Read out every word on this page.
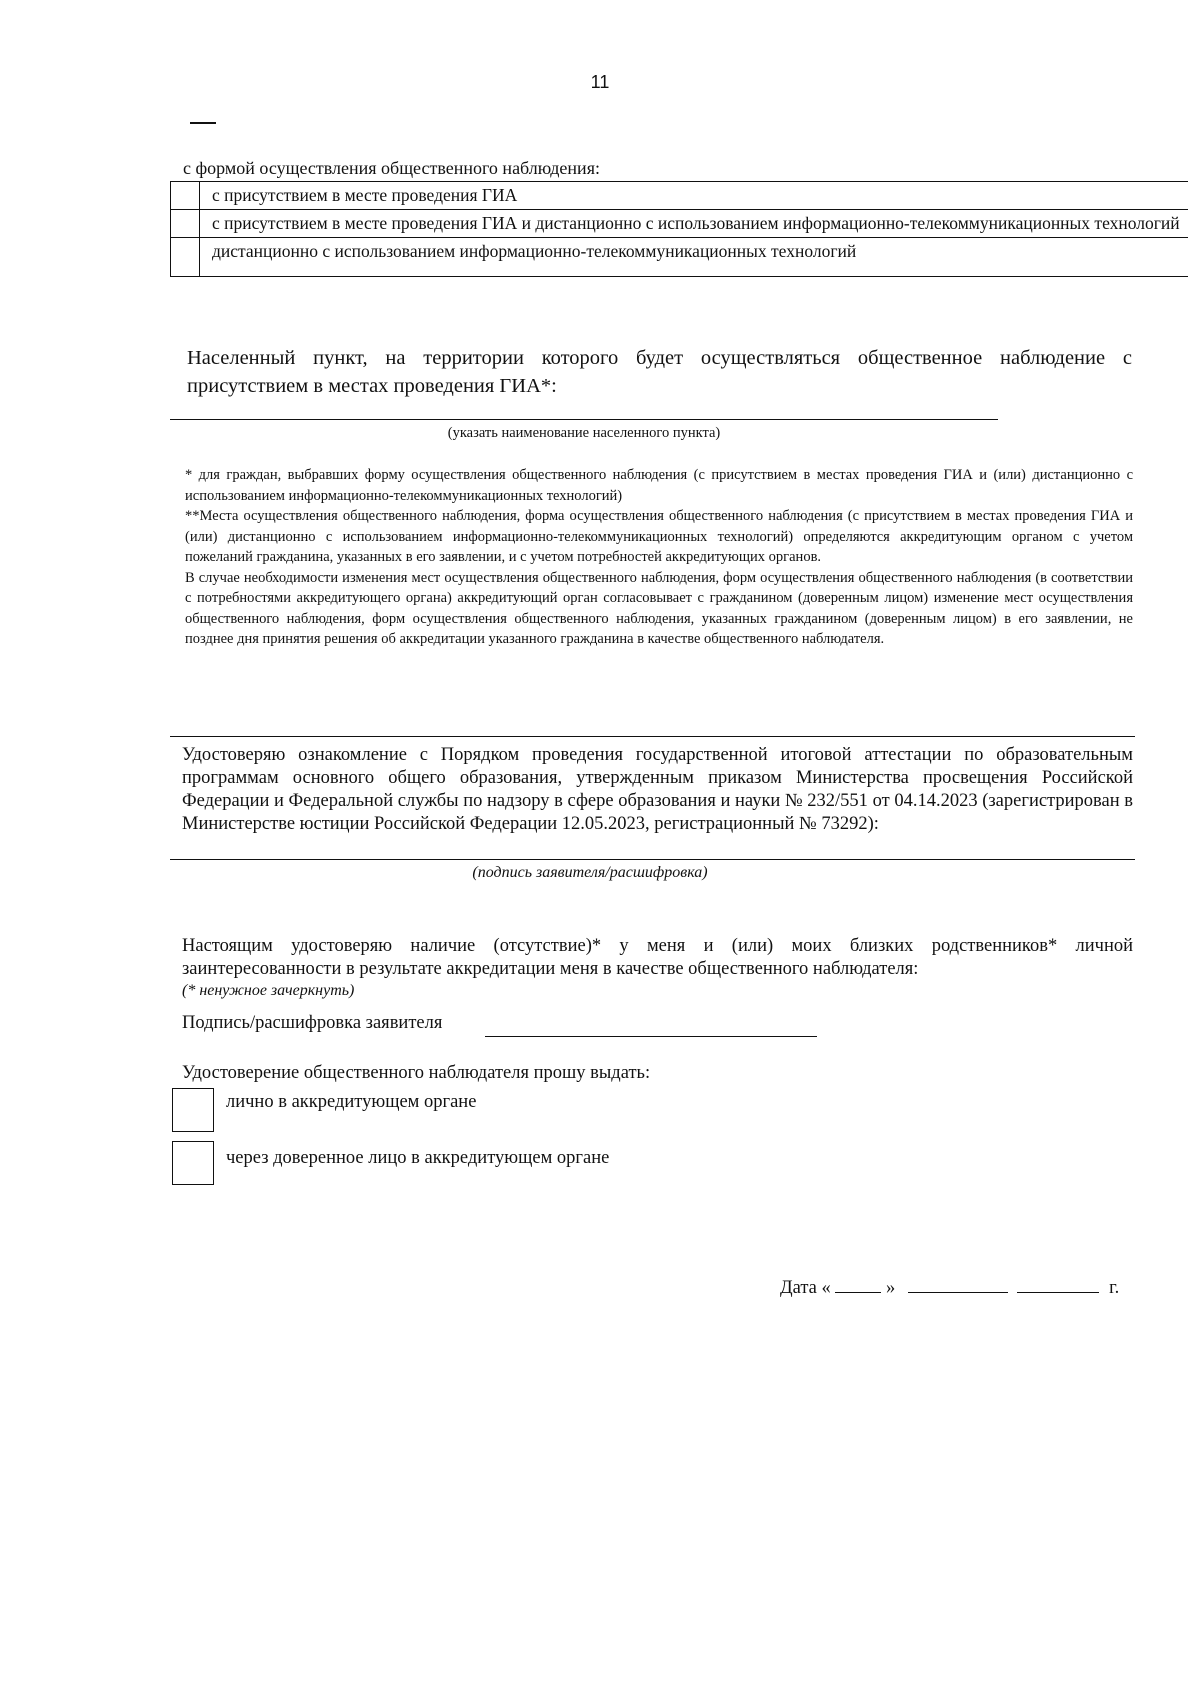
11
с формой осуществления общественного наблюдения:
	с присутствием в месте проведения ГИА
	с присутствием в месте проведения ГИА и дистанционно с использованием информационно-телекоммуникационных технологий
	дистанционно с использованием информационно-телекоммуникационных технологий
Населенный пункт, на территории которого будет осуществляться общественное наблюдение с присутствием в местах проведения ГИА*:
(указать наименование населенного пункта)

* для граждан, выбравших форму осуществления общественного наблюдения (с присутствием в местах проведения ГИА и (или) дистанционно с использованием информационно-телекоммуникационных технологий)

**Места осуществления общественного наблюдения, форма осуществления общественного наблюдения (с присутствием в местах проведения ГИА и (или) дистанционно с использованием информационно-телекоммуникационных технологий) определяются аккредитующим органом с учетом пожеланий гражданина, указанных в его заявлении, и с учетом потребностей аккредитующих органов.

В случае необходимости изменения мест осуществления общественного наблюдения, форм осуществления общественного наблюдения (в соответствии с потребностями аккредитующего органа) аккредитующий орган согласовывает с гражданином (доверенным лицом) изменение мест осуществления общественного наблюдения, форм осуществления общественного наблюдения, указанных гражданином (доверенным лицом) в его заявлении, не позднее дня принятия решения об аккредитации указанного гражданина в качестве общественного наблюдателя.

Удостоверяю ознакомление с Порядком проведения государственной итоговой аттестации по образовательным программам основного общего образования, утвержденным приказом Министерства просвещения Российской Федерации и Федеральной службы по надзору в сфере образования и науки № 232/551 от 04.14.2023 (зарегистрирован в Министерстве юстиции Российской Федерации 12.05.2023, регистрационный № 73292):
(подпись заявителя/расшифровка)
Настоящим удостоверяю наличие (отсутствие)* у меня и (или) моих близких родственников* личной заинтересованности в результате аккредитации меня в качестве общественного наблюдателя:
(* ненужное зачеркнуть)
Подпись/расшифровка заявителя
Удостоверение общественного наблюдателя прошу выдать:
лично в аккредитующем органе
через доверенное лицо в аккредитующем органе
Дата «	»	г.
